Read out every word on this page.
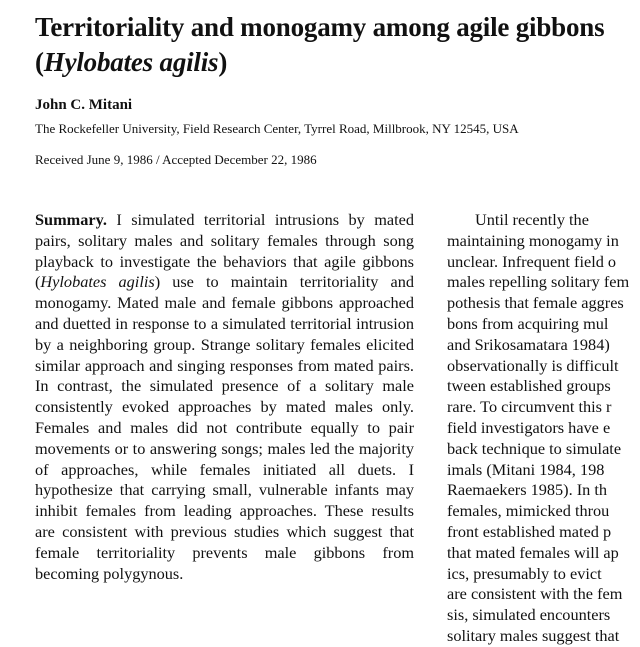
Territoriality and monogamy among agile gibbons
(Hylobates agilis)

John C. Mitani

The Rockefeller University, Field Research Center, Tyrrel Road, Millbrook, NY 12545, USA

Received June 9, 1986 / Accepted December 22, 1986

Summary. I simulated territorial intrusions by mated pairs, solitary males and solitary females through song playback to investigate the behaviors that agile gibbons (Hylobates agilis) use to maintain territoriality and monogamy. Mated male and female gibbons approached and duetted in response to a simulated territorial intrusion by a neighboring group. Strange solitary females elicited similar approach and singing responses from mated pairs. In contrast, the simulated presence of a solitary male consistently evoked approaches by mated males only. Females and males did not contribute equally to pair movements or to answering songs; males led the majority of approaches, while females initiated all duets. I hypothesize that carrying small, vulnerable infants may inhibit females from leading approaches. These results are consistent with previous studies which suggest that female territoriality prevents male gibbons from becoming polygynous.

Until recently the
maintaining monogamy in
unclear. Infrequent field o
males repelling solitary fem
pothesis that female aggres
bons from acquiring mul
and Srikosamatara 1984)
observationally is difficult
tween established groups
rare. To circumvent this r
field investigators have e
back technique to simulate
imals (Mitani 1984, 198
Raemaekers 1985). In th
females, mimicked throu
front established mated p
that mated females will ap
ics, presumably to evict
are consistent with the fem
sis, simulated encounters
solitary males suggest that
